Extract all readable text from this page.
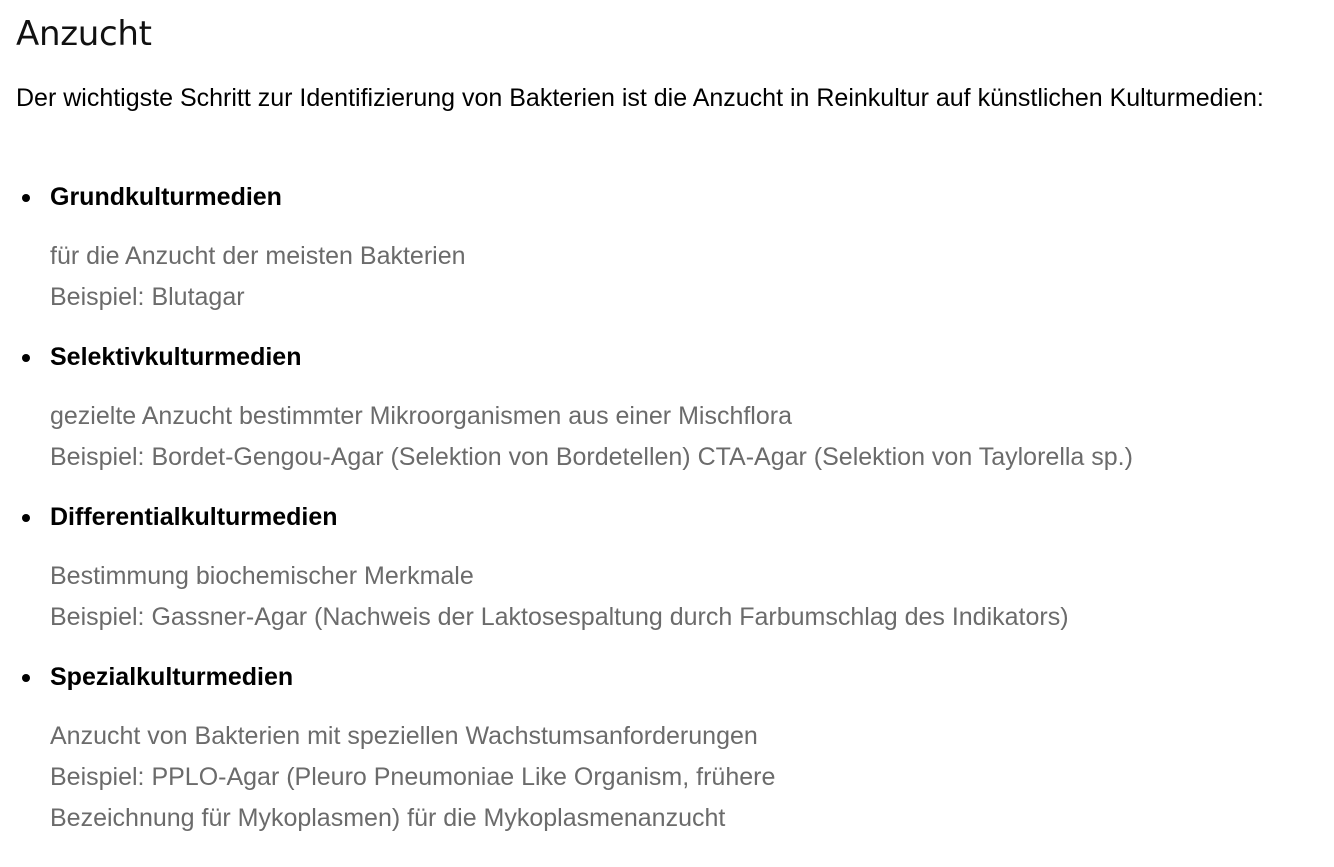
Anzucht

Der wichtigste Schritt zur Identifizierung von Bakterien ist die Anzucht in Reinkultur auf künstlichen Kulturmedien:

Grundkulturmedien
für die Anzucht der meisten Bakterien
Beispiel: Blutagar
Selektivkulturmedien
gezielte Anzucht bestimmter Mikroorganismen aus einer Mischflora
Beispiel: Bordet-Gengou-Agar (Selektion von Bordetellen) CTA-Agar (Selektion von Taylorella sp.)
Differentialkulturmedien
Bestimmung biochemischer Merkmale
Beispiel: Gassner-Agar (Nachweis der Laktosespaltung durch Farbumschlag des Indikators)
Spezialkulturmedien
Anzucht von Bakterien mit speziellen Wachstumsanforderungen
Beispiel: PPLO-Agar (Pleuro Pneumoniae Like Organism, frühere
Bezeichnung für Mykoplasmen) für die Mykoplasmenanzucht
